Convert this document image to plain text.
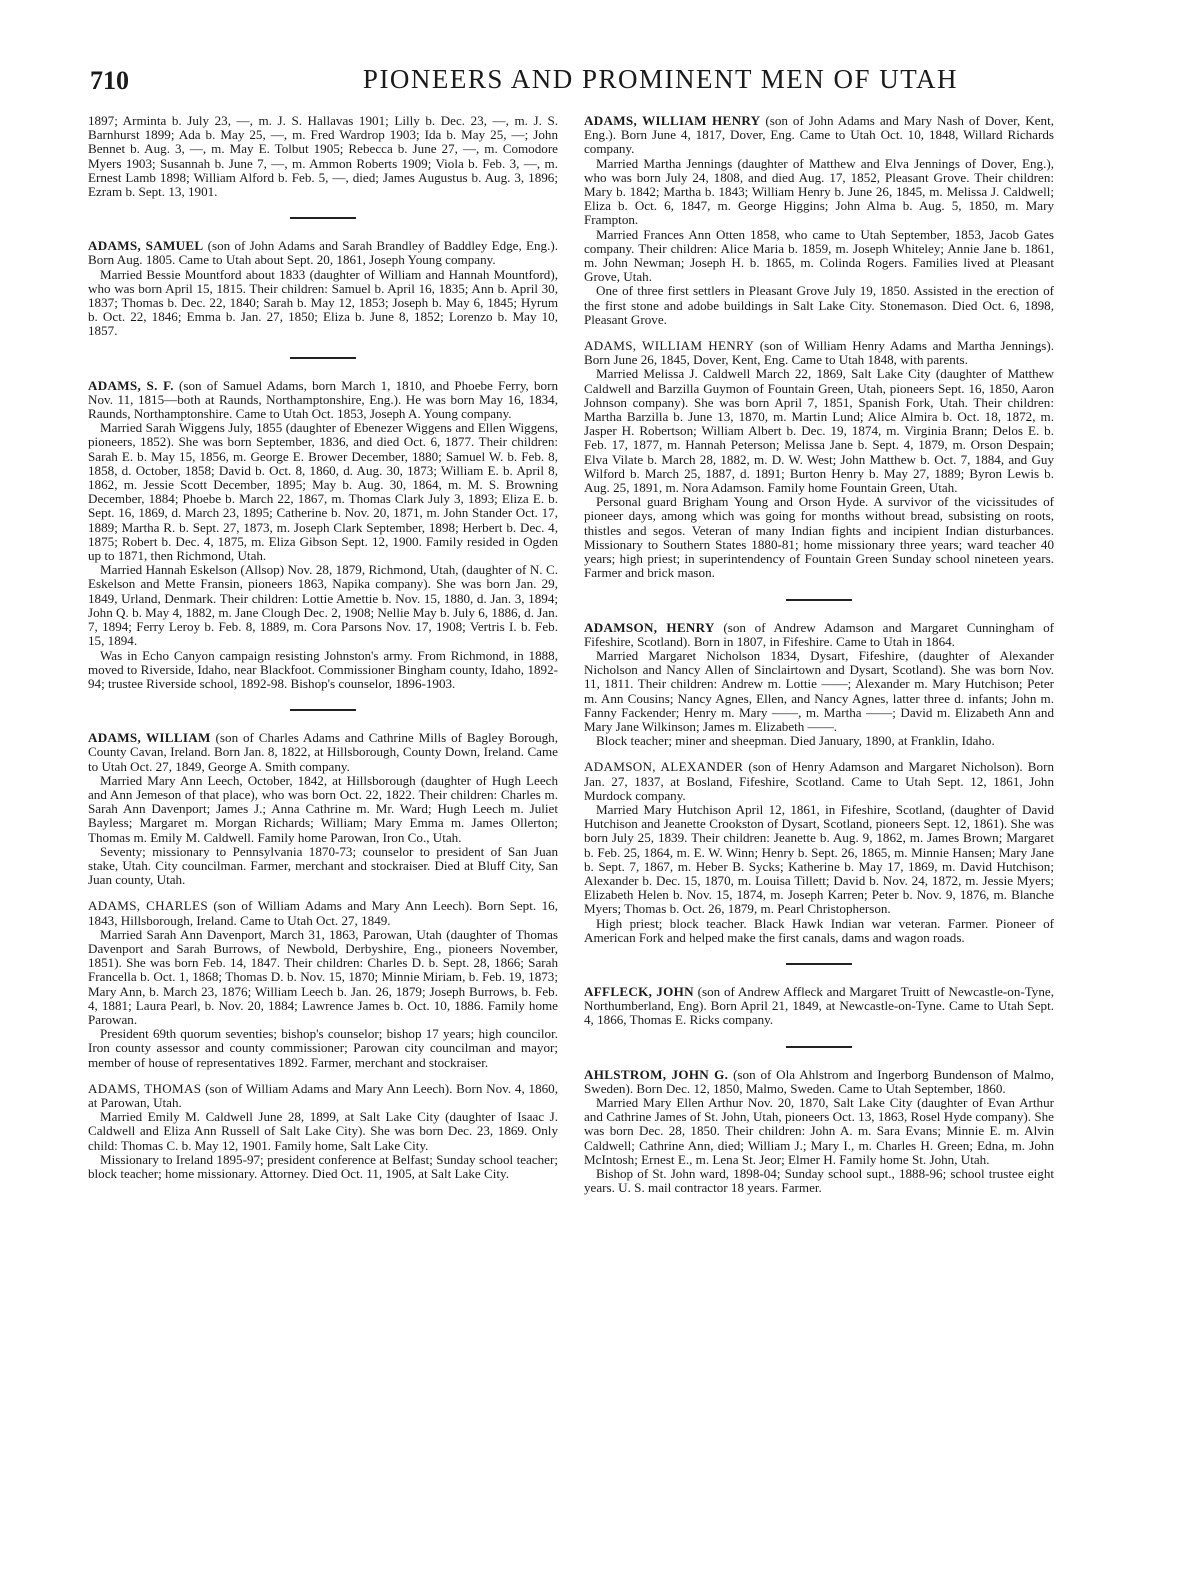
710	PIONEERS AND PROMINENT MEN OF UTAH

1897; Arminta b. July 23, —, m. J. S. Hallavas 1901; Lilly b. Dec. 23, —, m. J. S. Barnhurst 1899; Ada b. May 25, —, m. Fred Wardrop 1903; Ida b. May 25, —; John Bennet b. Aug. 3, —, m. May E. Tolbut 1905; Rebecca b. June 27, —, m. Comodore Myers 1903; Susannah b. June 7, —, m. Ammon Roberts 1909; Viola b. Feb. 3, —, m. Ernest Lamb 1898; William Alford b. Feb. 5, —, died; James Augustus b. Aug. 3, 1896; Ezram b. Sept. 13, 1901.

ADAMS, SAMUEL (son of John Adams and Sarah Brandley of Baddley Edge, Eng.). Born Aug. 1805. Came to Utah about Sept. 20, 1861, Joseph Young company.

Married Bessie Mountford about 1833 (daughter of William and Hannah Mountford), who was born April 15, 1815. Their children: Samuel b. April 16, 1835; Ann b. April 30, 1837; Thomas b. Dec. 22, 1840; Sarah b. May 12, 1853; Joseph b. May 6, 1845; Hyrum b. Oct. 22, 1846; Emma b. Jan. 27, 1850; Eliza b. June 8, 1852; Lorenzo b. May 10, 1857.

ADAMS, S. F. (son of Samuel Adams, born March 1, 1810, and Phoebe Ferry, born Nov. 11, 1815—both at Raunds, Northamptonshire, Eng.). He was born May 16, 1834, Raunds, Northamptonshire. Came to Utah Oct. 1853, Joseph A. Young company.

Married Sarah Wiggens July, 1855 (daughter of Ebenezer Wiggens and Ellen Wiggens, pioneers, 1852). She was born September, 1836, and died Oct. 6, 1877. Their children: Sarah E. b. May 15, 1856, m. George E. Brower December, 1880; Samuel W. b. Feb. 8, 1858, d. October, 1858; David b. Oct. 8, 1860, d. Aug. 30, 1873; William E. b. April 8, 1862, m. Jessie Scott December, 1895; May b. Aug. 30, 1864, m. M. S. Browning December, 1884; Phoebe b. March 22, 1867, m. Thomas Clark July 3, 1893; Eliza E. b. Sept. 16, 1869, d. March 23, 1895; Catherine b. Nov. 20, 1871, m. John Stander Oct. 17, 1889; Martha R. b. Sept. 27, 1873, m. Joseph Clark September, 1898; Herbert b. Dec. 4, 1875; Robert b. Dec. 4, 1875, m. Eliza Gibson Sept. 12, 1900. Family resided in Ogden up to 1871, then Richmond, Utah.

Married Hannah Eskelson (Allsop) Nov. 28, 1879, Richmond, Utah, (daughter of N. C. Eskelson and Mette Fransin, pioneers 1863, Napika company). She was born Jan. 29, 1849, Urland, Denmark. Their children: Lottie Amettie b. Nov. 15, 1880, d. Jan. 3, 1894; John Q. b. May 4, 1882, m. Jane Clough Dec. 2, 1908; Nellie May b. July 6, 1886, d. Jan. 7, 1894; Ferry Leroy b. Feb. 8, 1889, m. Cora Parsons Nov. 17, 1908; Vertris I. b. Feb. 15, 1894.

Was in Echo Canyon campaign resisting Johnston's army. From Richmond, in 1888, moved to Riverside, Idaho, near Blackfoot. Commissioner Bingham county, Idaho, 1892-94; trustee Riverside school, 1892-98. Bishop's counselor, 1896-1903.

ADAMS, WILLIAM (son of Charles Adams and Cathrine Mills of Bagley Borough, County Cavan, Ireland. Born Jan. 8, 1822, at Hillsborough, County Down, Ireland. Came to Utah Oct. 27, 1849, George A. Smith company.

Married Mary Ann Leech, October, 1842, at Hillsborough (daughter of Hugh Leech and Ann Jemeson of that place), who was born Oct. 22, 1822. Their children: Charles m. Sarah Ann Davenport; James J.; Anna Cathrine m. Mr. Ward; Hugh Leech m. Juliet Bayless; Margaret m. Morgan Richards; William; Mary Emma m. James Ollerton; Thomas m. Emily M. Caldwell. Family home Parowan, Iron Co., Utah.

Seventy; missionary to Pennsylvania 1870-73; counselor to president of San Juan stake, Utah. City councilman. Farmer, merchant and stockraiser. Died at Bluff City, San Juan county, Utah.

ADAMS, CHARLES (son of William Adams and Mary Ann Leech). Born Sept. 16, 1843, Hillsborough, Ireland. Came to Utah Oct. 27, 1849.

Married Sarah Ann Davenport, March 31, 1863, Parowan, Utah (daughter of Thomas Davenport and Sarah Burrows, of Newbold, Derbyshire, Eng., pioneers November, 1851). She was born Feb. 14, 1847. Their children: Charles D. b. Sept. 28, 1866; Sarah Francella b. Oct. 1, 1868; Thomas D. b. Nov. 15, 1870; Minnie Miriam, b. Feb. 19, 1873; Mary Ann, b. March 23, 1876; William Leech b. Jan. 26, 1879; Joseph Burrows, b. Feb. 4, 1881; Laura Pearl, b. Nov. 20, 1884; Lawrence James b. Oct. 10, 1886. Family home Parowan.

President 69th quorum seventies; bishop's counselor; bishop 17 years; high councilor. Iron county assessor and county commissioner; Parowan city councilman and mayor; member of house of representatives 1892. Farmer, merchant and stockraiser.

ADAMS, THOMAS (son of William Adams and Mary Ann Leech). Born Nov. 4, 1860, at Parowan, Utah.

Married Emily M. Caldwell June 28, 1899, at Salt Lake City (daughter of Isaac J. Caldwell and Eliza Ann Russell of Salt Lake City). She was born Dec. 23, 1869. Only child: Thomas C. b. May 12, 1901. Family home, Salt Lake City.

Missionary to Ireland 1895-97; president conference at Belfast; Sunday school teacher; block teacher; home missionary. Attorney. Died Oct. 11, 1905, at Salt Lake City.

ADAMS, WILLIAM HENRY (son of John Adams and Mary Nash of Dover, Kent, Eng.). Born June 4, 1817, Dover, Eng. Came to Utah Oct. 10, 1848, Willard Richards company.

Married Martha Jennings (daughter of Matthew and Elva Jennings of Dover, Eng.), who was born July 24, 1808, and died Aug. 17, 1852, Pleasant Grove. Their children: Mary b. 1842; Martha b. 1843; William Henry b. June 26, 1845, m. Melissa J. Caldwell; Eliza b. Oct. 6, 1847, m. George Higgins; John Alma b. Aug. 5, 1850, m. Mary Frampton.

Married Frances Ann Otten 1858, who came to Utah September, 1853, Jacob Gates company. Their children: Alice Maria b. 1859, m. Joseph Whiteley; Annie Jane b. 1861, m. John Newman; Joseph H. b. 1865, m. Colinda Rogers. Families lived at Pleasant Grove, Utah.

One of three first settlers in Pleasant Grove July 19, 1850. Assisted in the erection of the first stone and adobe buildings in Salt Lake City. Stonemason. Died Oct. 6, 1898, Pleasant Grove.

ADAMS, WILLIAM HENRY (son of William Henry Adams and Martha Jennings). Born June 26, 1845, Dover, Kent, Eng. Came to Utah 1848, with parents.

Married Melissa J. Caldwell March 22, 1869, Salt Lake City (daughter of Matthew Caldwell and Barzilla Guymon of Fountain Green, Utah, pioneers Sept. 16, 1850, Aaron Johnson company). She was born April 7, 1851, Spanish Fork, Utah. Their children: Martha Barzilla b. June 13, 1870, m. Martin Lund; Alice Almira b. Oct. 18, 1872, m. Jasper H. Robertson; William Albert b. Dec. 19, 1874, m. Virginia Brann; Delos E. b. Feb. 17, 1877, m. Hannah Peterson; Melissa Jane b. Sept. 4, 1879, m. Orson Despain; Elva Vilate b. March 28, 1882, m. D. W. West; John Matthew b. Oct. 7, 1884, and Guy Wilford b. March 25, 1887, d. 1891; Burton Henry b. May 27, 1889; Byron Lewis b. Aug. 25, 1891, m. Nora Adamson. Family home Fountain Green, Utah.

Personal guard Brigham Young and Orson Hyde. A survivor of the vicissitudes of pioneer days, among which was going for months without bread, subsisting on roots, thistles and segos. Veteran of many Indian fights and incipient Indian disturbances. Missionary to Southern States 1880-81; home missionary three years; ward teacher 40 years; high priest; in superintendency of Fountain Green Sunday school nineteen years. Farmer and brick mason.

ADAMSON, HENRY (son of Andrew Adamson and Margaret Cunningham of Fifeshire, Scotland). Born in 1807, in Fifeshire. Came to Utah in 1864.

Married Margaret Nicholson 1834, Dysart, Fifeshire, (daughter of Alexander Nicholson and Nancy Allen of Sinclairtown and Dysart, Scotland). She was born Nov. 11, 1811. Their children: Andrew m. Lottie ——; Alexander m. Mary Hutchison; Peter m. Ann Cousins; Nancy Agnes, Ellen, and Nancy Agnes, latter three d. infants; John m. Fanny Fackender; Henry m. Mary ——, m. Martha ——; David m. Elizabeth Ann and Mary Jane Wilkinson; James m. Elizabeth ——.

Block teacher; miner and sheepman. Died January, 1890, at Franklin, Idaho.

ADAMSON, ALEXANDER (son of Henry Adamson and Margaret Nicholson). Born Jan. 27, 1837, at Bosland, Fifeshire, Scotland. Came to Utah Sept. 12, 1861, John Murdock company.

Married Mary Hutchison April 12, 1861, in Fifeshire, Scotland, (daughter of David Hutchison and Jeanette Crookston of Dysart, Scotland, pioneers Sept. 12, 1861). She was born July 25, 1839. Their children: Jeanette b. Aug. 9, 1862, m. James Brown; Margaret b. Feb. 25, 1864, m. E. W. Winn; Henry b. Sept. 26, 1865, m. Minnie Hansen; Mary Jane b. Sept. 7, 1867, m. Heber B. Sycks; Katherine b. May 17, 1869, m. David Hutchison; Alexander b. Dec. 15, 1870, m. Louisa Tillett; David b. Nov. 24, 1872, m. Jessie Myers; Elizabeth Helen b. Nov. 15, 1874, m. Joseph Karren; Peter b. Nov. 9, 1876, m. Blanche Myers; Thomas b. Oct. 26, 1879, m. Pearl Christopherson.

High priest; block teacher. Black Hawk Indian war veteran. Farmer. Pioneer of American Fork and helped make the first canals, dams and wagon roads.

AFFLECK, JOHN (son of Andrew Affleck and Margaret Truitt of Newcastle-on-Tyne, Northumberland, Eng). Born April 21, 1849, at Newcastle-on-Tyne. Came to Utah Sept. 4, 1866, Thomas E. Ricks company.

AHLSTROM, JOHN G. (son of Ola Ahlstrom and Ingerborg Bundenson of Malmo, Sweden). Born Dec. 12, 1850, Malmo, Sweden. Came to Utah September, 1860.

Married Mary Ellen Arthur Nov. 20, 1870, Salt Lake City (daughter of Evan Arthur and Cathrine James of St. John, Utah, pioneers Oct. 13, 1863, Rosel Hyde company). She was born Dec. 28, 1850. Their children: John A. m. Sara Evans; Minnie E. m. Alvin Caldwell; Cathrine Ann, died; William J.; Mary I., m. Charles H. Green; Edna, m. John McIntosh; Ernest E., m. Lena St. Jeor; Elmer H. Family home St. John, Utah.

Bishop of St. John ward, 1898-04; Sunday school supt., 1888-96; school trustee eight years. U. S. mail contractor 18 years. Farmer.
